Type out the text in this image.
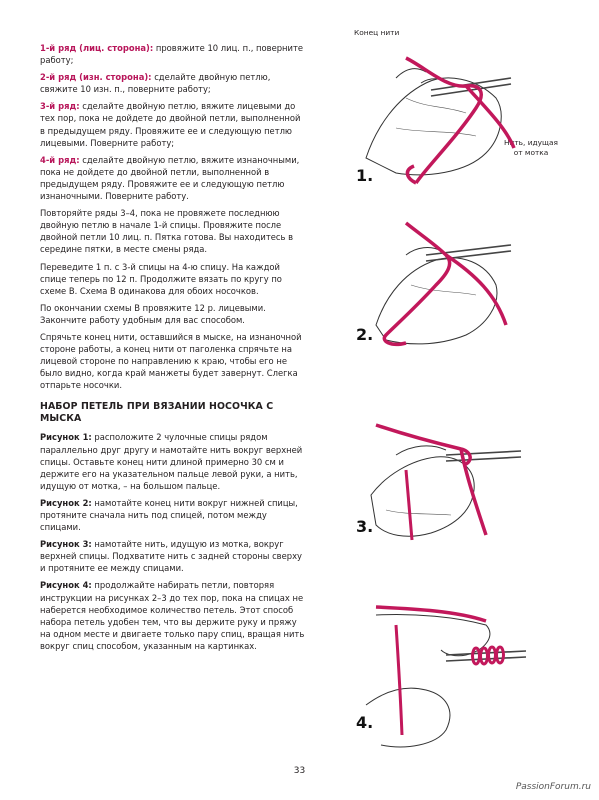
1-й ряд (лиц. сторона): провяжите 10 лиц. п., поверните работу;

2-й ряд (изн. сторона): сделайте двойную петлю, свяжите 10 изн. п., поверните работу;

3-й ряд: сделайте двойную петлю, вяжите лицевыми до тех пор, пока не дойдете до двойной петли, выполненной в предыдущем ряду. Провяжите ее и следующую петлю лицевыми. Поверните работу;

4-й ряд: сделайте двойную петлю, вяжите изнаночными, пока не дойдете до двойной петли, выполненной в предыдущем ряду. Провяжите ее и следующую петлю изнаночными. Поверните работу.

Повторяйте ряды 3–4, пока не провяжете последнюю двойную петлю в начале 1-й спицы. Провяжите после двойной петли 10 лиц. п. Пятка готова. Вы находитесь в середине пятки, в месте смены ряда.

Переведите 1 п. с 3-й спицы на 4-ю спицу. На каждой спице теперь по 12 п. Продолжите вязать по кругу по схеме В. Схема В одинакова для обоих носочков.

По окончании схемы В провяжите 12 р. лицевыми. Закончите работу удобным для вас способом.

Спрячьте конец нити, оставшийся в мыске, на изнаночной стороне работы, а конец нити от паголенка спрячьте на лицевой стороне по направлению к краю, чтобы его не было видно, когда край манжеты будет завернут. Слегка отпарьте носочки.

НАБОР ПЕТЕЛЬ ПРИ ВЯЗАНИИ НОСОЧКА С МЫСКА

Рисунок 1: расположите 2 чулочные спицы рядом параллельно друг другу и намотайте нить вокруг верхней спицы. Оставьте конец нити длиной примерно 30 см и держите его на указательном пальце левой руки, а нить, идущую от мотка, – на большом пальце.

Рисунок 2: намотайте конец нити вокруг нижней спицы, протяните сначала нить под спицей, потом между спицами.

Рисунок 3: намотайте нить, идущую из мотка, вокруг верхней спицы. Подхватите нить с задней стороны сверху и протяните ее между спицами.

Рисунок 4: продолжайте набирать петли, повторяя инструкции на рисунках 2–3 до тех пор, пока на спицах не наберется необходимое количество петель. Этот способ набора петель удобен тем, что вы держите руку и пряжу на одном месте и двигаете только пару спиц, вращая нить вокруг спиц способом, указанным на картинках.

Конец нити
Нить, идущая
от мотка
1.
2.
3.
4.
33
PassionForum.ru
